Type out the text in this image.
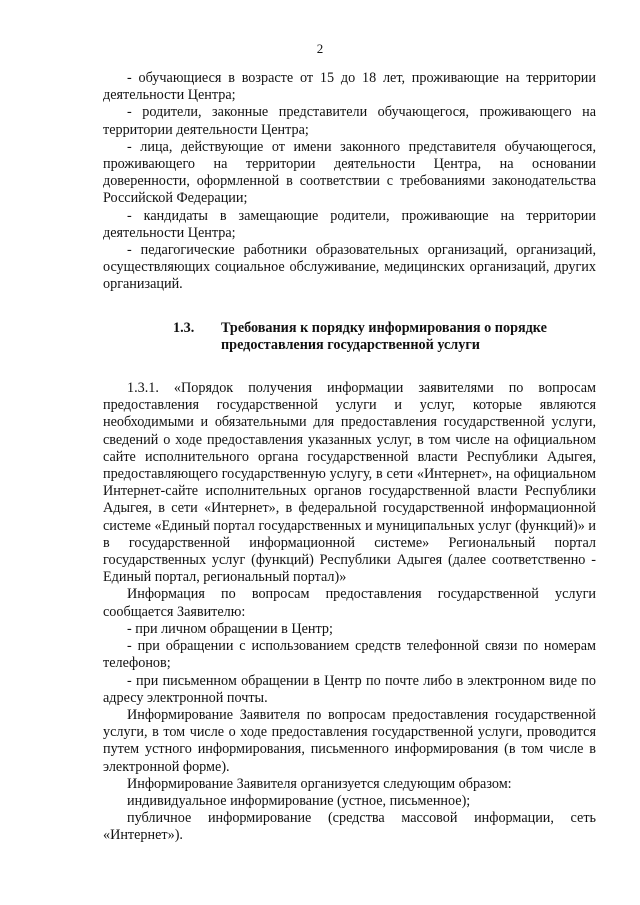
2

- обучающиеся в возрасте от 15 до 18 лет, проживающие на территории деятельности Центра;

- родители, законные представители обучающегося, проживающего на территории деятельности Центра;

- лица, действующие от имени законного представителя обучающегося, проживающего на территории деятельности Центра, на основании доверенности, оформленной в соответствии с требованиями законодательства Российской Федерации;

- кандидаты в замещающие родители, проживающие на территории деятельности Центра;

- педагогические работники образовательных организаций, организаций, осуществляющих социальное обслуживание, медицинских организаций, других организаций.

1.3.	Требования к порядку информирования о порядке предоставления государственной услуги

1.3.1. «Порядок получения информации заявителями по вопросам предоставления государственной услуги и услуг, которые являются необходимыми и обязательными для предоставления государственной услуги, сведений о ходе предоставления указанных услуг, в том числе на официальном сайте исполнительного органа государственной власти Республики Адыгея, предоставляющего государственную услугу, в сети «Интернет», на официальном Интернет-сайте исполнительных органов государственной власти Республики Адыгея, в сети «Интернет», в федеральной государственной информационной системе «Единый портал государственных и муниципальных услуг (функций)» и в государственной информационной системе» Региональный портал государственных услуг (функций) Республики Адыгея (далее соответственно - Единый портал, региональный портал)»

Информация по вопросам предоставления государственной услуги сообщается Заявителю:

- при личном обращении в Центр;

- при обращении с использованием средств телефонной связи по номерам телефонов;

- при письменном обращении в Центр по почте либо в электронном виде по адресу электронной почты.

Информирование Заявителя по вопросам предоставления государственной услуги, в том числе о ходе предоставления государственной услуги, проводится путем устного информирования, письменного информирования (в том числе в электронной форме).

Информирование Заявителя организуется следующим образом:

индивидуальное информирование (устное, письменное);

публичное информирование (средства массовой информации, сеть «Интернет»).
